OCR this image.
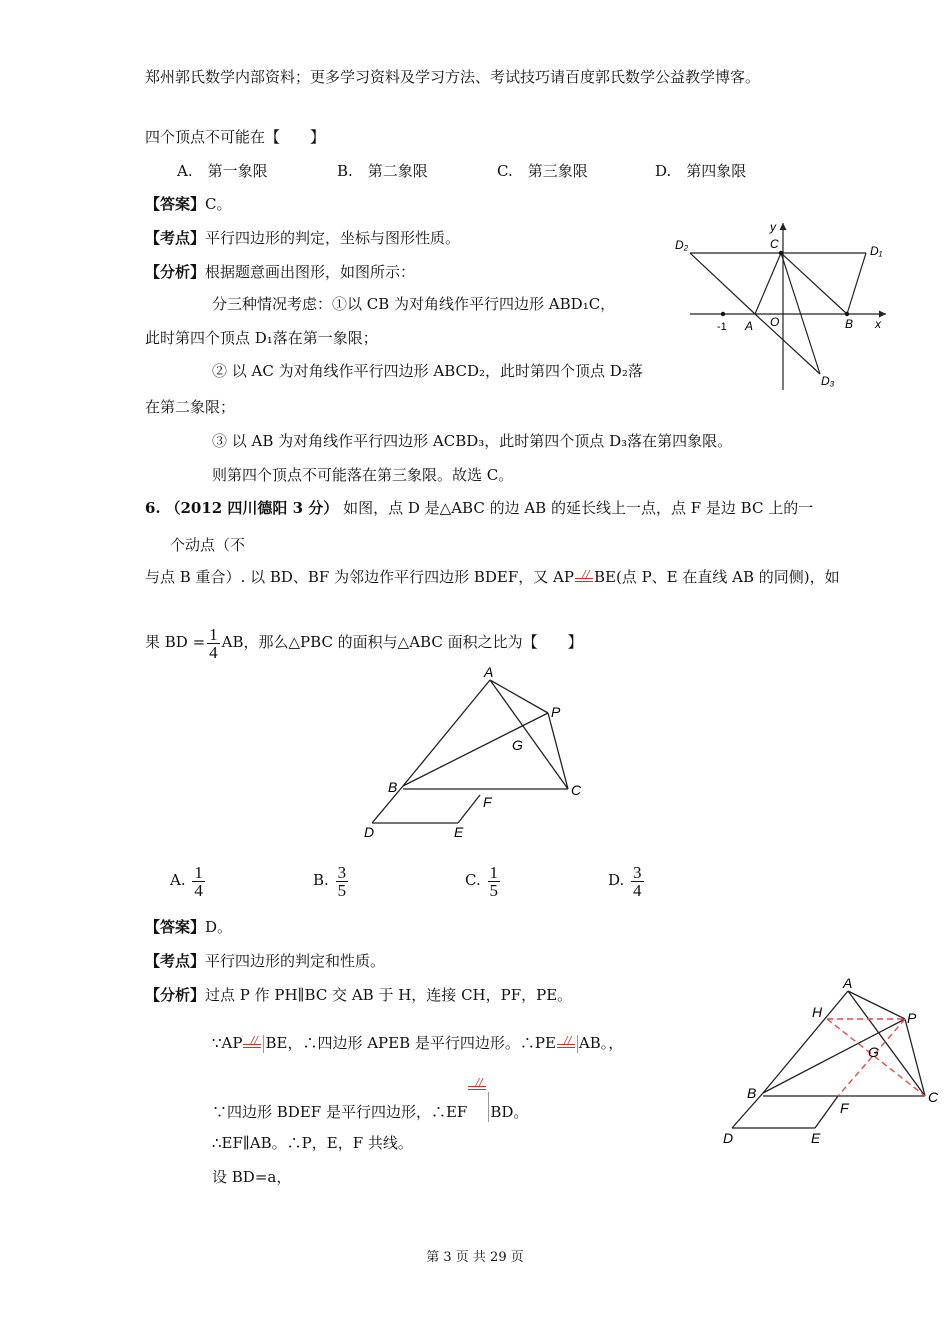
郑州郭氏数学内部资料；更多学习资料及学习方法、考试技巧请百度郭氏数学公益教学博客。
四个顶点不可能在【　　】
A.　第一象限	B.　第二象限	C.　第三象限	D.　第四象限
【答案】C。
【考点】平行四边形的判定，坐标与图形性质。
【分析】根据题意画出图形，如图所示：
分三种情况考虑：①以 CB 为对角线作平行四边形 ABD₁C，
此时第四个顶点 D₁落在第一象限；
② 以 AC 为对角线作平行四边形 ABCD₂，此时第四个顶点 D₂落
在第二象限；
③ 以 AB 为对角线作平行四边形 ACBD₃，此时第四个顶点 D₃落在第四象限。
则第四个顶点不可能落在第三象限。故选 C。
D₂	C	D₁
y
-1 A O	B x
D₃
6. （2012 四川德阳 3 分） 如图，点 D 是△ABC 的边 AB 的延长线上一点，点 F 是边 BC 上的一
个动点（不
与点 B 重合）. 以 BD、BF 为邻边作平行四边形 BDEF，又 AP // BE(点 P、E 在直线 AB 的同侧)，如
果 BD = $\frac{1}{4}$ AB，那么△PBC 的面积与△ABC 面积之比为【　　】
A
P
G
B	C
F
D	E
A. $\frac{1}{4}$	B. $\frac{3}{5}$	C. $\frac{1}{5}$	D. $\frac{3}{4}$
【答案】D。
【考点】平行四边形的判定和性质。
【分析】过点 P 作 PH∥BC 交 AB 于 H，连接 CH，PF，PE。
∵AP // BE，∴四边形 APEB 是平行四边形。∴PE // AB。，
∵四边形 BDEF 是平行四边形，∴EF
//
BD。
∴EF∥AB。∴P，E，F 共线。
设 BD=a，
A
H	P
G
B	C
F
D	E
第 3 页 共 29 页
